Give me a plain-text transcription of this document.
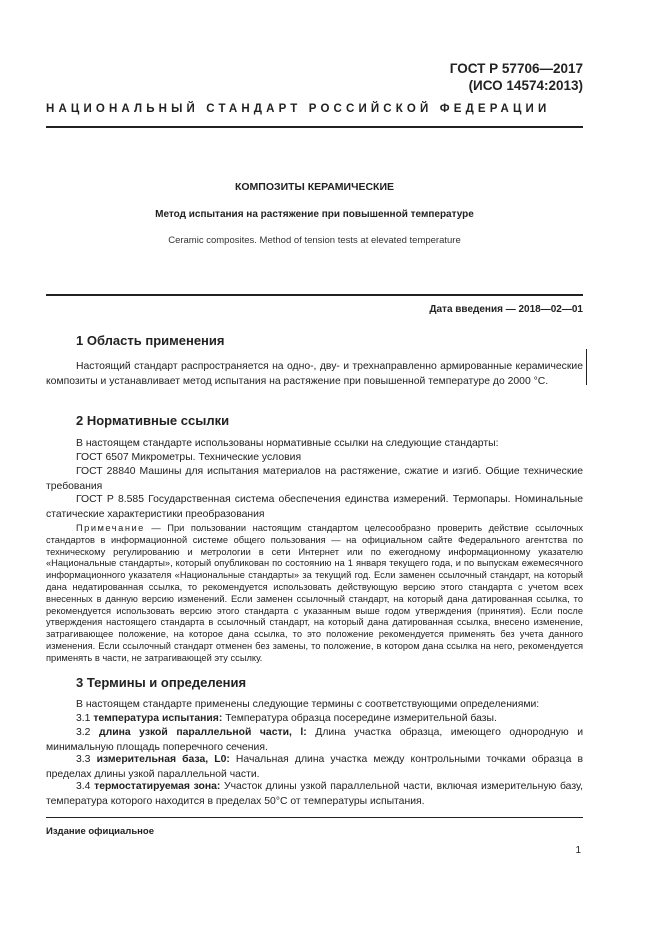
ГОСТ Р 57706—2017
(ИСО 14574:2013)
НАЦИОНАЛЬНЫЙ СТАНДАРТ РОССИЙСКОЙ ФЕДЕРАЦИИ
КОМПОЗИТЫ КЕРАМИЧЕСКИЕ
Метод испытания на растяжение при повышенной температуре
Ceramic composites. Method of tension tests at elevated temperature
Дата введения — 2018—02—01
1 Область применения
Настоящий стандарт распространяется на одно-, дву- и трехнаправленно армированные керамические композиты и устанавливает метод испытания на растяжение при повышенной температуре до 2000 °С.
2 Нормативные ссылки
В настоящем стандарте использованы нормативные ссылки на следующие стандарты:
ГОСТ 6507 Микрометры. Технические условия
ГОСТ 28840 Машины для испытания материалов на растяжение, сжатие и изгиб. Общие технические требования
ГОСТ Р 8.585 Государственная система обеспечения единства измерений. Термопары. Номинальные статические характеристики преобразования
Примечание — При пользовании настоящим стандартом целесообразно проверить действие ссылочных стандартов в информационной системе общего пользования — на официальном сайте Федерального агентства по техническому регулированию и метрологии в сети Интернет или по ежегодному информационному указателю «Национальные стандарты», который опубликован по состоянию на 1 января текущего года, и по выпускам ежемесячного информационного указателя «Национальные стандарты» за текущий год. Если заменен ссылочный стандарт, на который дана недатированная ссылка, то рекомендуется использовать действующую версию этого стандарта с учетом всех внесенных в данную версию изменений. Если заменен ссылочный стандарт, на который дана датированная ссылка, то рекомендуется использовать версию этого стандарта с указанным выше годом утверждения (принятия). Если после утверждения настоящего стандарта в ссылочный стандарт, на который дана датированная ссылка, внесено изменение, затрагивающее положение, на которое дана ссылка, то это положение рекомендуется применять без учета данного изменения. Если ссылочный стандарт отменен без замены, то положение, в котором дана ссылка на него, рекомендуется применять в части, не затрагивающей эту ссылку.
3 Термины и определения
В настоящем стандарте применены следующие термины с соответствующими определениями:
3.1 температура испытания: Температура образца посередине измерительной базы.
3.2 длина узкой параллельной части, l: Длина участка образца, имеющего однородную и минимальную площадь поперечного сечения.
3.3 измерительная база, L0: Начальная длина участка между контрольными точками образца в пределах длины узкой параллельной части.
3.4 термостатируемая зона: Участок длины узкой параллельной части, включая измерительную базу, температура которого находится в пределах 50°С от температуры испытания.
Издание официальное
1
